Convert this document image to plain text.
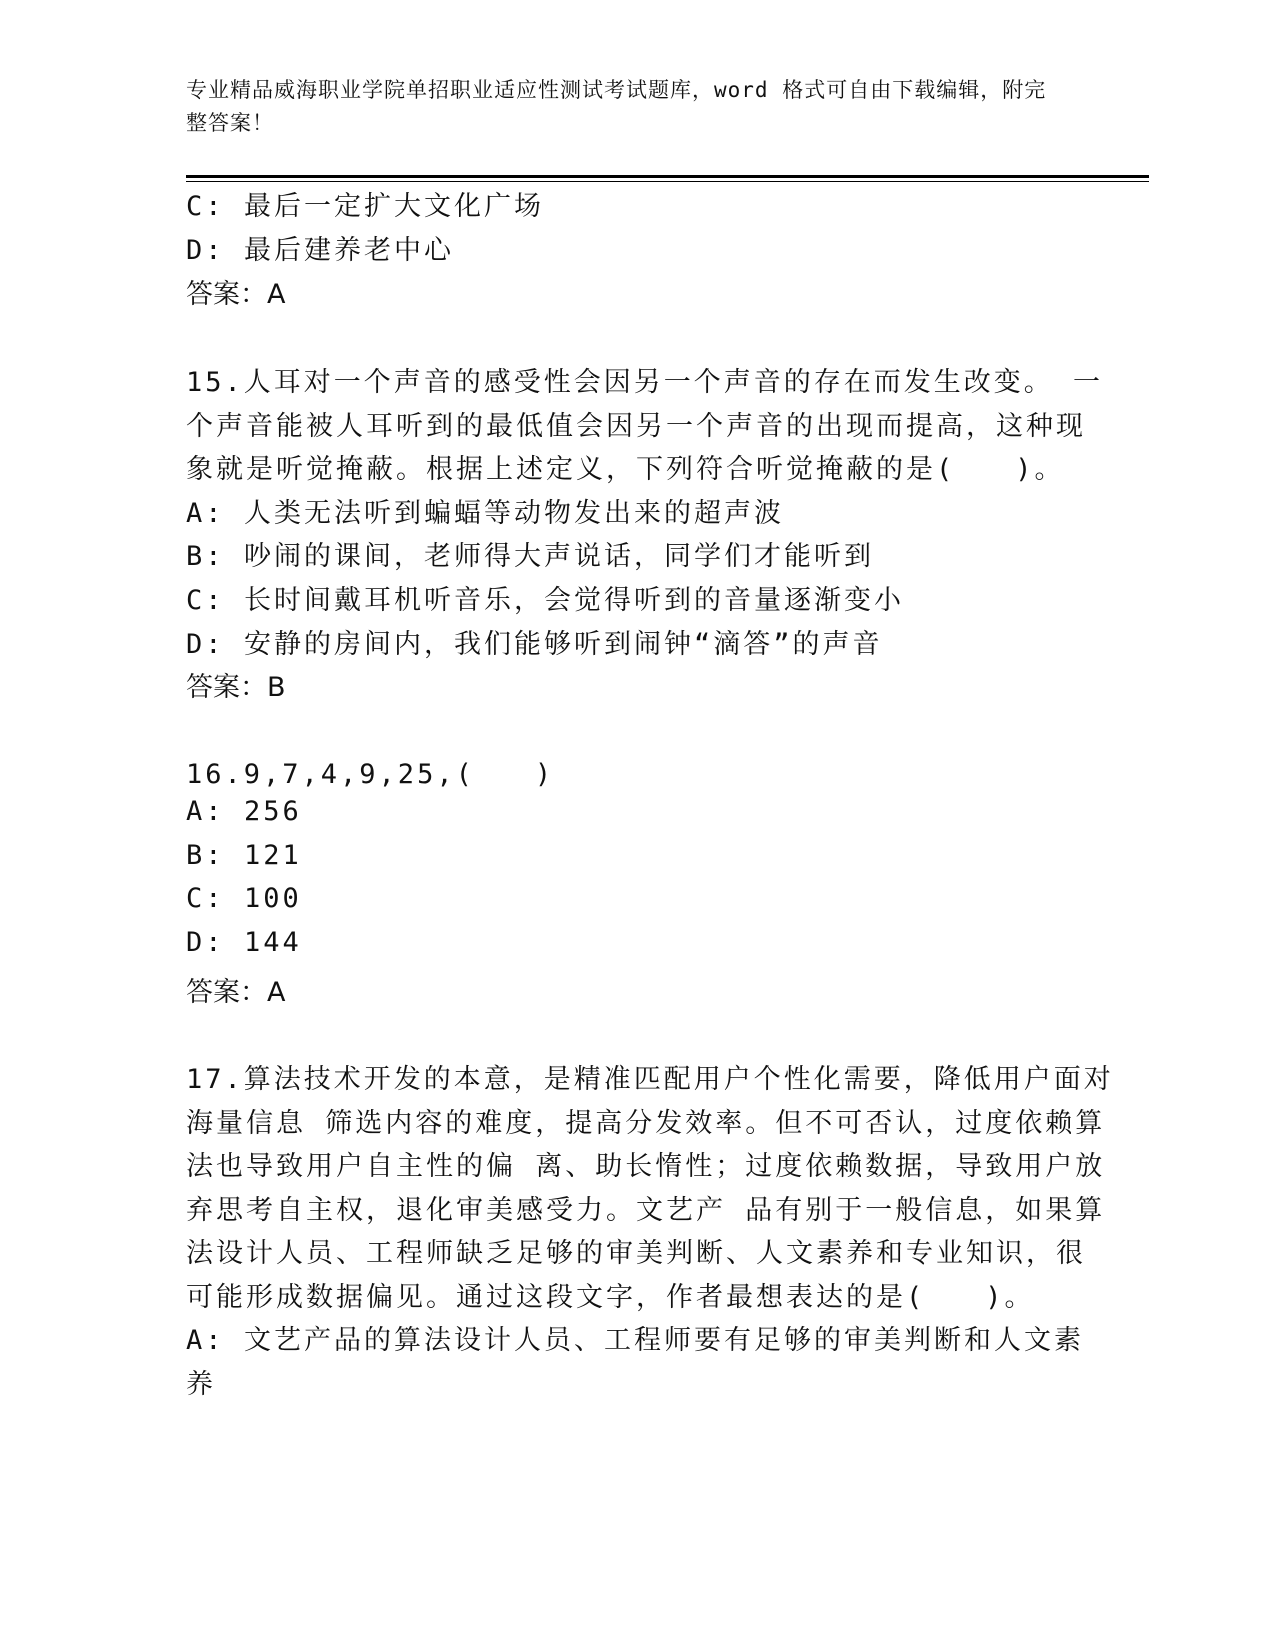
专业精品威海职业学院单招职业适应性测试考试题库，word 格式可自由下载编辑，附完整答案！
C: 最后一定扩大文化广场
D: 最后建养老中心
答案：A
15.人耳对一个声音的感受性会因另一个声音的存在而发生改变。 一
个声音能被人耳听到的最低值会因另一个声音的出现而提高，这种现
象就是听觉掩蔽。根据上述定义，下列符合听觉掩蔽的是(　　)。
A: 人类无法听到蝙蝠等动物发出来的超声波
B: 吵闹的课间，老师得大声说话，同学们才能听到
C: 长时间戴耳机听音乐，会觉得听到的音量逐渐变小
D: 安静的房间内，我们能够听到闹钟“滴答”的声音
答案：B
16.9,7,4,9,25,(　　)
A: 256
B: 121
C: 100
D: 144
答案：A
17.算法技术开发的本意，是精准匹配用户个性化需要，降低用户面对
海量信息 筛选内容的难度，提高分发效率。但不可否认，过度依赖算
法也导致用户自主性的偏 离、助长惰性；过度依赖数据，导致用户放
弃思考自主权，退化审美感受力。文艺产 品有别于一般信息，如果算
法设计人员、工程师缺乏足够的审美判断、人文素养和专业知识，很
可能形成数据偏见。通过这段文字，作者最想表达的是(　　)。
A: 文艺产品的算法设计人员、工程师要有足够的审美判断和人文素
养
